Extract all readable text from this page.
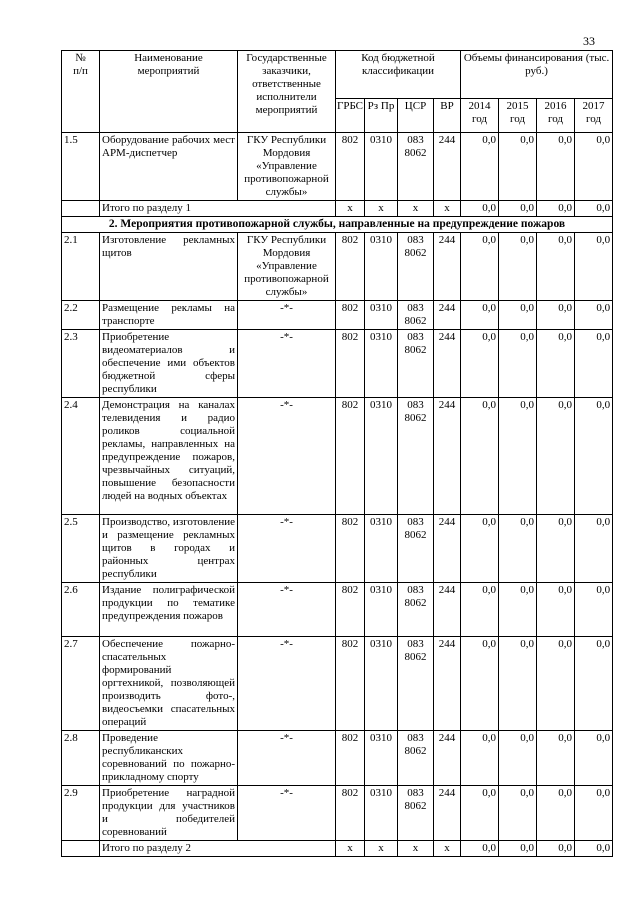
33
№
п/п	Наименование мероприятий	Государственные заказчики, ответственные исполнители мероприятий	Код бюджетной классификации				Объемы финансирования (тыс. руб.)			
			ГРБС	Рз Пр	ЦСР	ВР	2014 год	2015 год	2016 год	2017 год
1.5	Оборудование рабочих мест АРМ-диспетчер	ГКУ Республики Мордовия «Управление противопожарной службы»	802	0310	083 8062	244	0,0	0,0	0,0	0,0
	Итого по разделу 1		х	х	х	х	0,0	0,0	0,0	0,0
2. Мероприятия противопожарной службы, направленные на предупреждение пожаров										
2.1	Изготовление рекламных щитов	ГКУ Республики Мордовия «Управление противопожарной службы»	802	0310	083 8062	244	0,0	0,0	0,0	0,0
2.2	Размещение рекламы на транспорте	-*-	802	0310	083 8062	244	0,0	0,0	0,0	0,0
2.3	Приобретение видеоматериалов и обеспечение ими объектов бюджетной сферы республики	-*-	802	0310	083 8062	244	0,0	0,0	0,0	0,0
2.4	Демонстрация на каналах телевидения и радио роликов социальной рекламы, направленных на предупреждение пожаров, чрезвычайных ситуаций, повышение безопасности людей на водных объектах	-*-	802	0310	083 8062	244	0,0	0,0	0,0	0,0
2.5	Производство, изготовление и размещение рекламных щитов в городах и районных центрах республики	-*-	802	0310	083 8062	244	0,0	0,0	0,0	0,0
2.6	Издание полиграфической продукции по тематике предупреждения пожаров	-*-	802	0310	083 8062	244	0,0	0,0	0,0	0,0
2.7	Обеспечение пожарно-спасательных формирований оргтехникой, позволяющей производить фото-, видеосъемки спасательных операций	-*-	802	0310	083 8062	244	0,0	0,0	0,0	0,0
2.8	Проведение республиканских соревнований по пожарно-прикладному спорту	-*-	802	0310	083 8062	244	0,0	0,0	0,0	0,0
2.9	Приобретение наградной продукции для участников и победителей соревнований	-*-	802	0310	083 8062	244	0,0	0,0	0,0	0,0
	Итого по разделу 2		х	х	х	х	0,0	0,0	0,0	0,0
